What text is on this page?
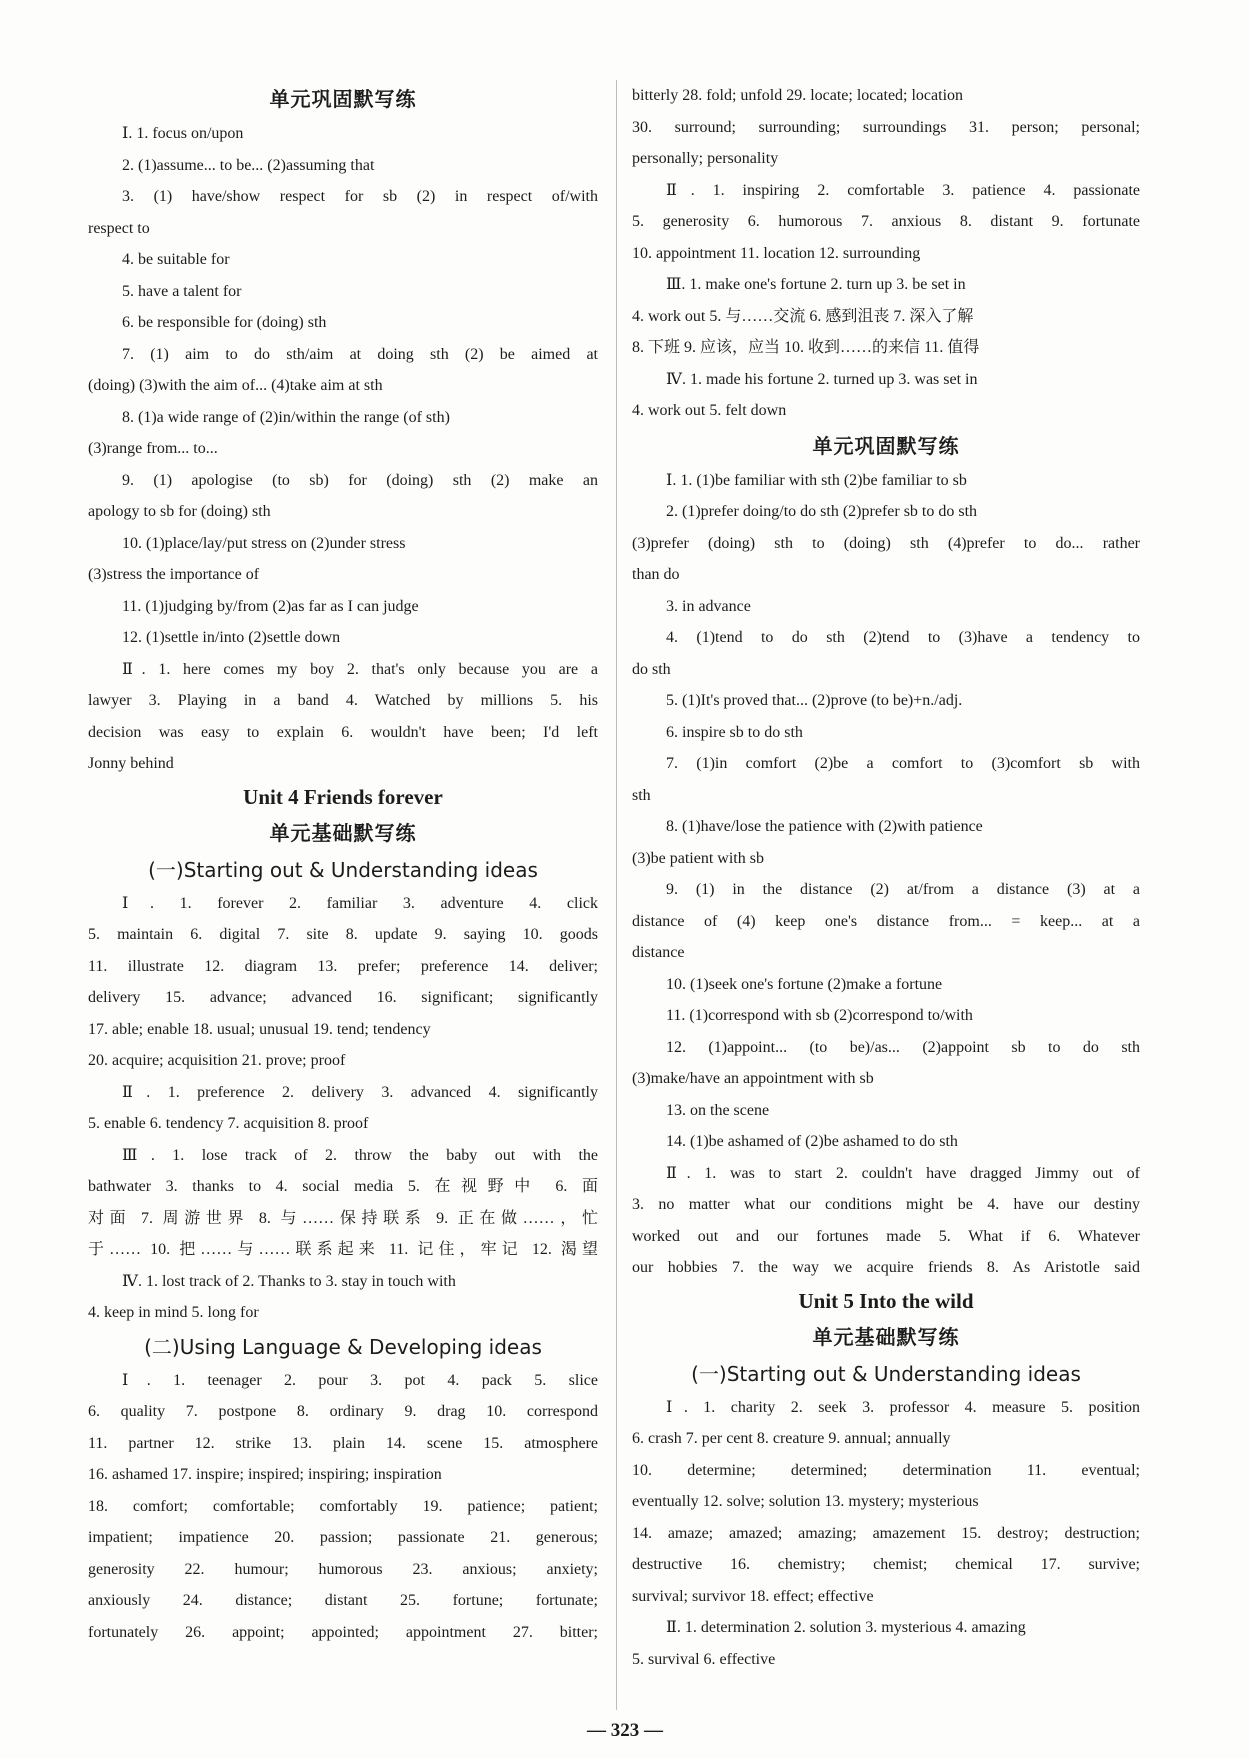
单元巩固默写练
Ⅰ. 1. focus on/upon
2. (1)assume... to be... (2)assuming that
3. (1) have/show respect for sb (2) in respect of/with
respect to
4. be suitable for
5. have a talent for
6. be responsible for (doing) sth
7. (1) aim to do sth/aim at doing sth (2) be aimed at
(doing) (3)with the aim of... (4)take aim at sth
8. (1)a wide range of (2)in/within the range (of sth)
(3)range from... to...
9. (1) apologise (to sb) for (doing) sth (2) make an
apology to sb for (doing) sth
10. (1)place/lay/put stress on (2)under stress
(3)stress the importance of
11. (1)judging by/from (2)as far as I can judge
12. (1)settle in/into (2)settle down
Ⅱ. 1. here comes my boy 2. that's only because you are a
lawyer 3. Playing in a band 4. Watched by millions 5. his
decision was easy to explain 6. wouldn't have been; I'd left
Jonny behind
Unit 4 Friends forever
单元基础默写练
(一)Starting out & Understanding ideas
Ⅰ. 1. forever 2. familiar 3. adventure 4. click
5. maintain 6. digital 7. site 8. update 9. saying 10. goods
11. illustrate 12. diagram 13. prefer; preference 14. deliver;
delivery 15. advance; advanced 16. significant; significantly
17. able; enable 18. usual; unusual 19. tend; tendency
20. acquire; acquisition 21. prove; proof
Ⅱ. 1. preference 2. delivery 3. advanced 4. significantly
5. enable 6. tendency 7. acquisition 8. proof
Ⅲ. 1. lose track of 2. throw the baby out with the
bathwater 3. thanks to 4. social media 5. 在视野中 6. 面
对面 7. 周游世界 8. 与……保持联系 9. 正在做……，忙
于…… 10. 把……与……联系起来 11. 记住，牢记 12. 渴望
Ⅳ. 1. lost track of 2. Thanks to 3. stay in touch with
4. keep in mind 5. long for
(二)Using Language & Developing ideas
Ⅰ. 1. teenager 2. pour 3. pot 4. pack 5. slice
6. quality 7. postpone 8. ordinary 9. drag 10. correspond
11. partner 12. strike 13. plain 14. scene 15. atmosphere
16. ashamed 17. inspire; inspired; inspiring; inspiration
18. comfort; comfortable; comfortably 19. patience; patient;
impatient; impatience 20. passion; passionate 21. generous;
generosity 22. humour; humorous 23. anxious; anxiety;
anxiously 24. distance; distant 25. fortune; fortunate;
fortunately 26. appoint; appointed; appointment 27. bitter;
bitterly 28. fold; unfold 29. locate; located; location
30. surround; surrounding; surroundings 31. person; personal;
personally; personality
Ⅱ. 1. inspiring 2. comfortable 3. patience 4. passionate
5. generosity 6. humorous 7. anxious 8. distant 9. fortunate
10. appointment 11. location 12. surrounding
Ⅲ. 1. make one's fortune 2. turn up 3. be set in
4. work out 5. 与……交流 6. 感到沮丧 7. 深入了解
8. 下班 9. 应该，应当 10. 收到……的来信 11. 值得
Ⅳ. 1. made his fortune 2. turned up 3. was set in
4. work out 5. felt down
单元巩固默写练
Ⅰ. 1. (1)be familiar with sth (2)be familiar to sb
2. (1)prefer doing/to do sth (2)prefer sb to do sth
(3)prefer (doing) sth to (doing) sth (4)prefer to do... rather
than do
3. in advance
4. (1)tend to do sth (2)tend to (3)have a tendency to
do sth
5. (1)It's proved that... (2)prove (to be)+n./adj.
6. inspire sb to do sth
7. (1)in comfort (2)be a comfort to (3)comfort sb with
sth
8. (1)have/lose the patience with (2)with patience
(3)be patient with sb
9. (1) in the distance (2) at/from a distance (3) at a
distance of (4) keep one's distance from... = keep... at a
distance
10. (1)seek one's fortune (2)make a fortune
11. (1)correspond with sb (2)correspond to/with
12. (1)appoint... (to be)/as... (2)appoint sb to do sth
(3)make/have an appointment with sb
13. on the scene
14. (1)be ashamed of (2)be ashamed to do sth
Ⅱ. 1. was to start 2. couldn't have dragged Jimmy out of
3. no matter what our conditions might be 4. have our destiny
worked out and our fortunes made 5. What if 6. Whatever
our hobbies 7. the way we acquire friends 8. As Aristotle said
Unit 5 Into the wild
单元基础默写练
(一)Starting out & Understanding ideas
Ⅰ. 1. charity 2. seek 3. professor 4. measure 5. position
6. crash 7. per cent 8. creature 9. annual; annually
10. determine; determined; determination 11. eventual;
eventually 12. solve; solution 13. mystery; mysterious
14. amaze; amazed; amazing; amazement 15. destroy; destruction;
destructive 16. chemistry; chemist; chemical 17. survive;
survival; survivor 18. effect; effective
Ⅱ. 1. determination 2. solution 3. mysterious 4. amazing
5. survival 6. effective
— 323 —
